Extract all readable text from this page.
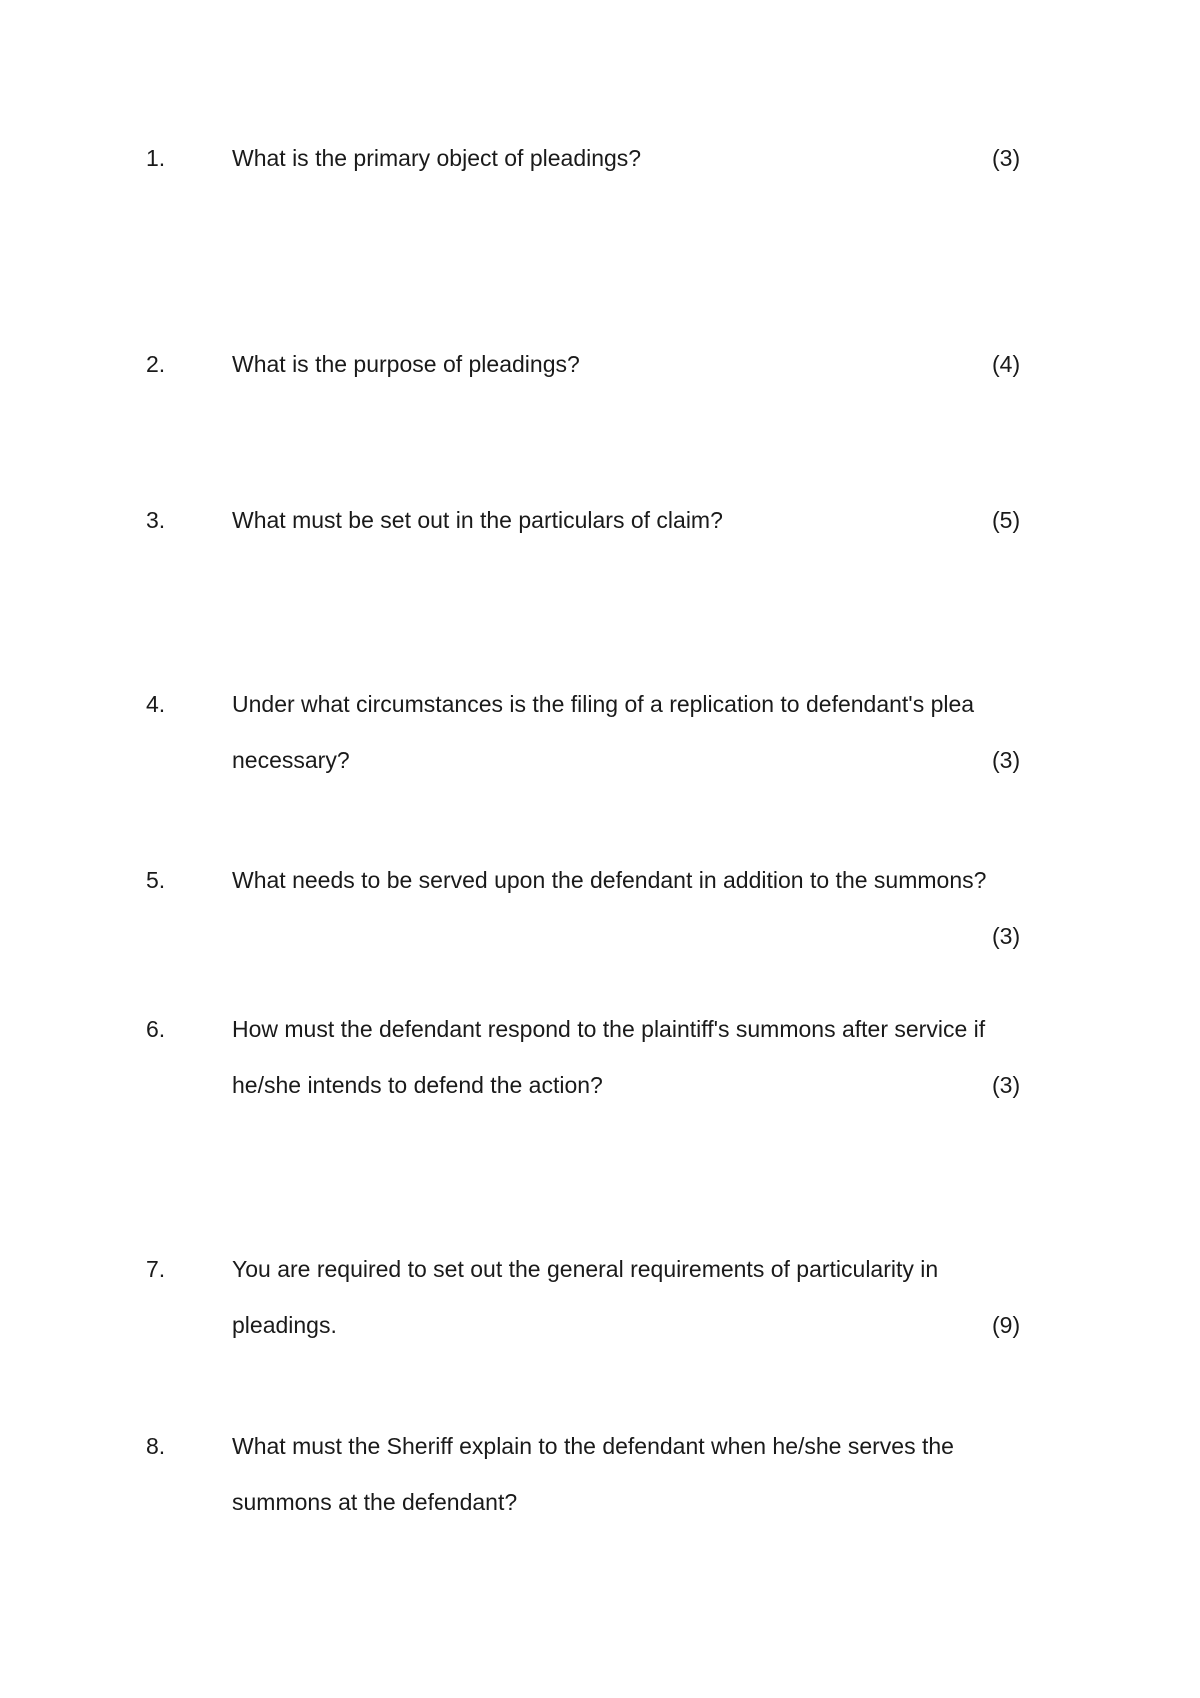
1.	What is the primary object of pleadings?	(3)
2.	What is the purpose of pleadings?	(4)
3.	What must be set out in the particulars of claim?	(5)
4.	Under what circumstances is the filing of a replication to defendant's plea
necessary?	(3)
5.	What needs to be served upon the defendant in addition to the summons?
(3)
6.	How must the defendant respond to the plaintiff's summons after service if
he/she intends to defend the action?	(3)
7.	You are required to set out the general requirements of particularity in
pleadings.	(9)
8.	What must the Sheriff explain to the defendant when he/she serves the
summons at the defendant?
